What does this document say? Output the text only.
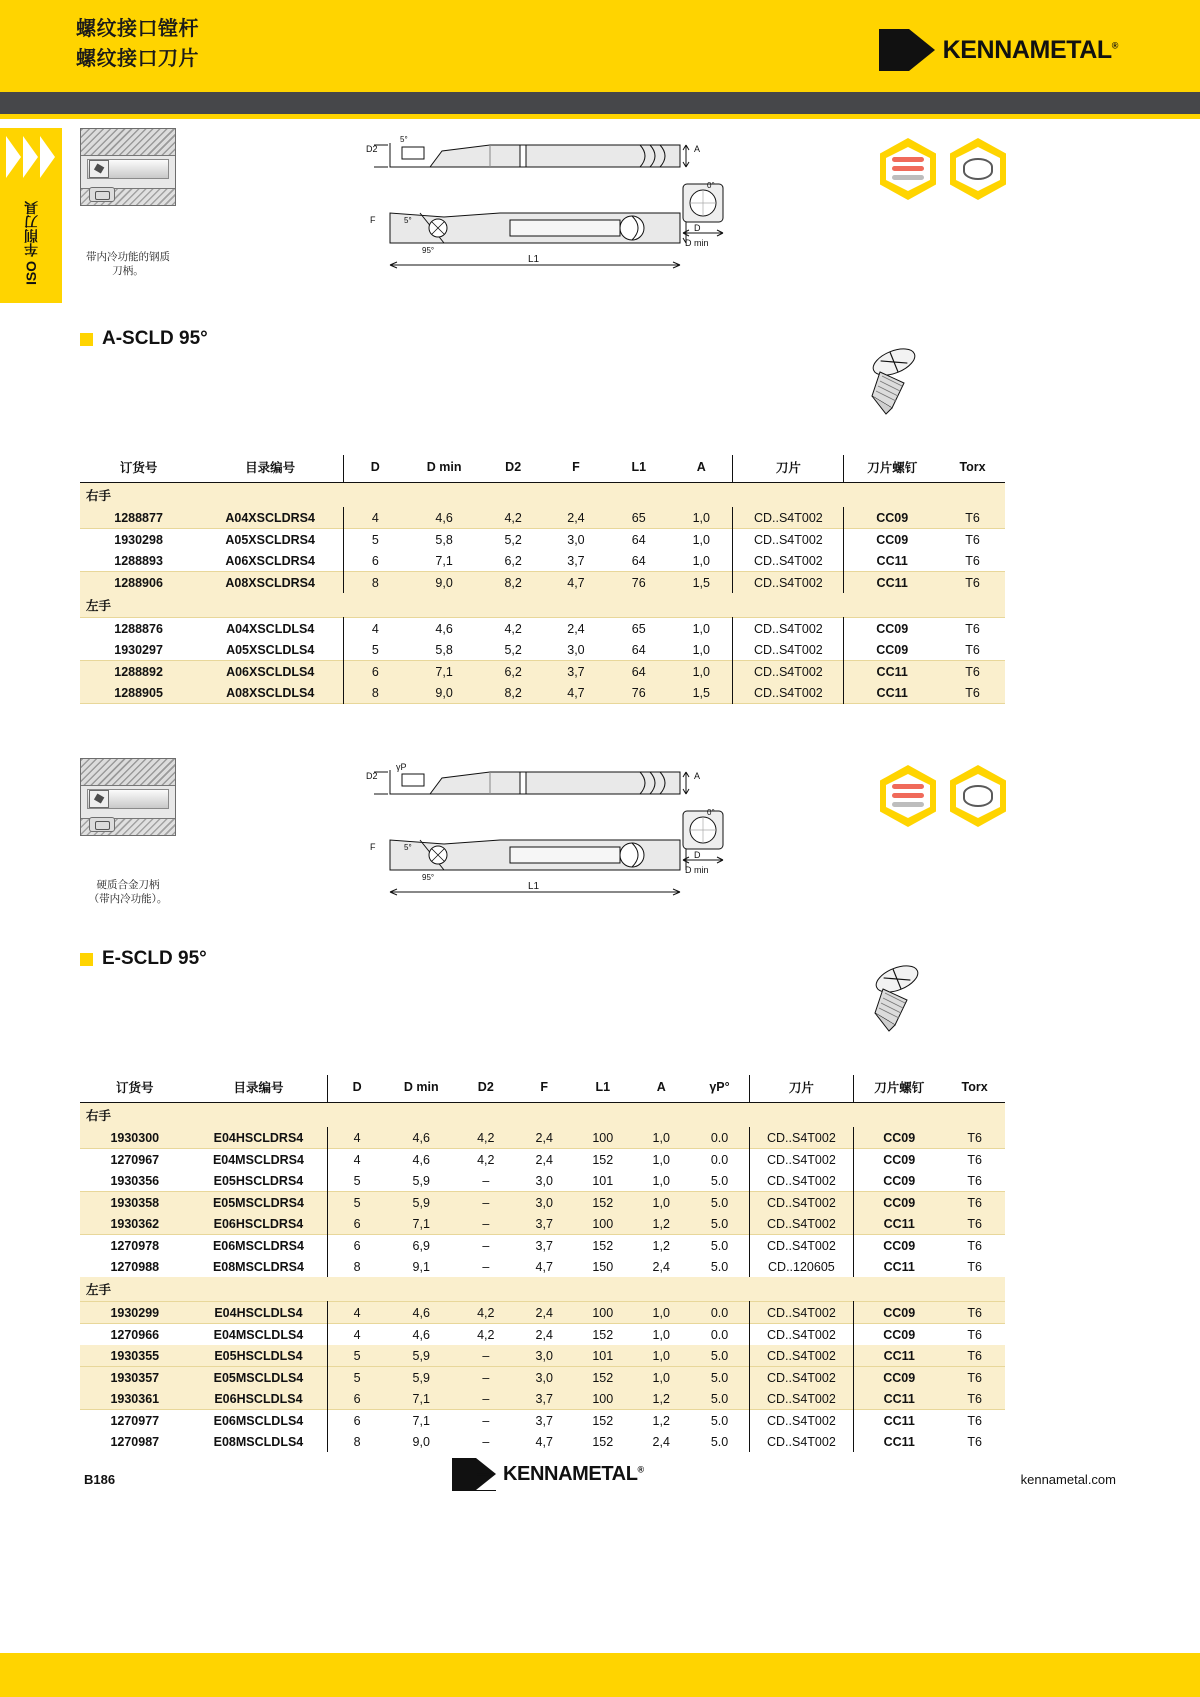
螺纹接口镗杆
螺纹接口刀片	KENNAMETAL®
ISO 车削刀具	带内冷功能的钢质
刀柄。
D2
5°
A
F	5°
95°
D
L1
0°
D min
A-SCLD 95°
订货号	目录编号	D	D min	D2	F	L1	A	刀片	刀片螺钉	Torx
右手										
1288877	A04XSCLDRS4	4	4,6	4,2	2,4	65	1,0	CD..S4T002	CC09	T6
1930298	A05XSCLDRS4	5	5,8	5,2	3,0	64	1,0	CD..S4T002	CC09	T6
1288893	A06XSCLDRS4	6	7,1	6,2	3,7	64	1,0	CD..S4T002	CC11	T6
1288906	A08XSCLDRS4	8	9,0	8,2	4,7	76	1,5	CD..S4T002	CC11	T6
左手										
1288876	A04XSCLDLS4	4	4,6	4,2	2,4	65	1,0	CD..S4T002	CC09	T6
1930297	A05XSCLDLS4	5	5,8	5,2	3,0	64	1,0	CD..S4T002	CC09	T6
1288892	A06XSCLDLS4	6	7,1	6,2	3,7	64	1,0	CD..S4T002	CC11	T6
1288905	A08XSCLDLS4	8	9,0	8,2	4,7	76	1,5	CD..S4T002	CC11	T6
硬质合金刀柄
（带内冷功能）。
D2
γP
A
F	5°
95°
D
L1
0°
D min
E-SCLD 95°
订货号	目录编号	D	D min	D2	F	L1	A	γP°	刀片	刀片螺钉	Torx
右手											
1930300	E04HSCLDRS4	4	4,6	4,2	2,4	100	1,0	0.0	CD..S4T002	CC09	T6
1270967	E04MSCLDRS4	4	4,6	4,2	2,4	152	1,0	0.0	CD..S4T002	CC09	T6
1930356	E05HSCLDRS4	5	5,9	–	3,0	101	1,0	5.0	CD..S4T002	CC09	T6
1930358	E05MSCLDRS4	5	5,9	–	3,0	152	1,0	5.0	CD..S4T002	CC09	T6
1930362	E06HSCLDRS4	6	7,1	–	3,7	100	1,2	5.0	CD..S4T002	CC11	T6
1270978	E06MSCLDRS4	6	6,9	–	3,7	152	1,2	5.0	CD..S4T002	CC09	T6
1270988	E08MSCLDRS4	8	9,1	–	4,7	150	2,4	5.0	CD..120605	CC11	T6
左手											
1930299	E04HSCLDLS4	4	4,6	4,2	2,4	100	1,0	0.0	CD..S4T002	CC09	T6
1270966	E04MSCLDLS4	4	4,6	4,2	2,4	152	1,0	0.0	CD..S4T002	CC09	T6
1930355	E05HSCLDLS4	5	5,9	–	3,0	101	1,0	5.0	CD..S4T002	CC11	T6
1930357	E05MSCLDLS4	5	5,9	–	3,0	152	1,0	5.0	CD..S4T002	CC09	T6
1930361	E06HSCLDLS4	6	7,1	–	3,7	100	1,2	5.0	CD..S4T002	CC11	T6
1270977	E06MSCLDLS4	6	7,1	–	3,7	152	1,2	5.0	CD..S4T002	CC11	T6
1270987	E08MSCLDLS4	8	9,0	–	4,7	152	2,4	5.0	CD..S4T002	CC11	T6
B186	KENNAMETAL®
kennametal.com
